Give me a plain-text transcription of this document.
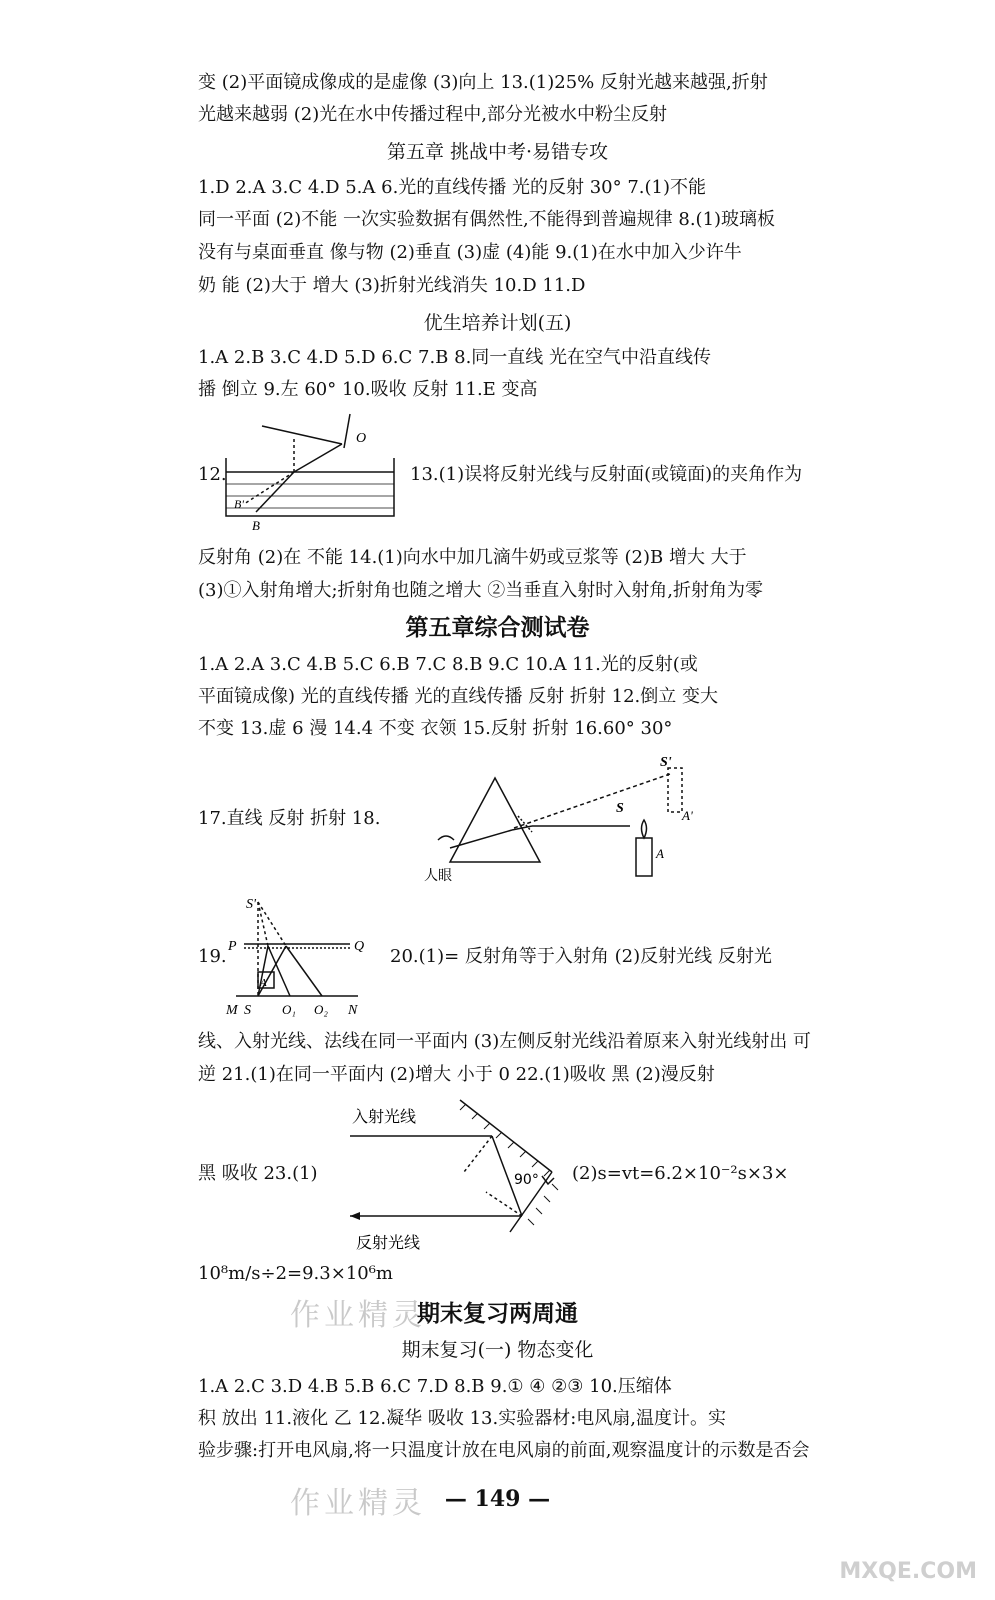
变 (2)平面镜成像成的是虚像 (3)向上 13.(1)25% 反射光越来越强,折射
光越来越弱 (2)光在水中传播过程中,部分光被水中粉尘反射
第五章 挑战中考·易错专攻
1.D 2.A 3.C 4.D 5.A 6.光的直线传播 光的反射 30° 7.(1)不能
同一平面 (2)不能 一次实验数据有偶然性,不能得到普遍规律 8.(1)玻璃板
没有与桌面垂直 像与物 (2)垂直 (3)虚 (4)能 9.(1)在水中加入少许牛
奶 能 (2)大于 增大 (3)折射光线消失 10.D 11.D
优生培养计划(五)
1.A 2.B 3.C 4.D 5.D 6.C 7.B 8.同一直线 光在空气中沿直线传
播 倒立 9.左 60° 10.吸收 反射 11.E 变高
12.	13.(1)误将反射光线与反射面(或镜面)的夹角作为
O
B
B'
反射角 (2)在 不能 14.(1)向水中加几滴牛奶或豆浆等 (2)B 增大 大于
(3)①入射角增大;折射角也随之增大 ②当垂直入射时入射角,折射角为零
第五章综合测试卷
1.A 2.A 3.C 4.B 5.C 6.B 7.C 8.B 9.C 10.A 11.光的反射(或
平面镜成像) 光的直线传播 光的直线传播 反射 折射 12.倒立 变大
不变 13.虚 6 漫 14.4 不变 衣领 15.反射 折射 16.60° 30°
17.直线 反射 折射 18.	S
S'
A
A'
人眼
19.	20.(1)= 反射角等于入射角 (2)反射光线 反射光
S'
P	Q
A
M S O₁ O₂ N
线、入射光线、法线在同一平面内 (3)左侧反射光线沿着原来入射光线射出 可
逆 21.(1)在同一平面内 (2)增大 小于 0 22.(1)吸收 黑 (2)漫反射
黑 吸收 23.(1)	(2)s=vt=6.2×10⁻²s×3×
入射光线
反射光线
90°
10⁸m/s÷2=9.3×10⁶m
作业精灵
期末复习两周通
期末复习(一) 物态变化
1.A 2.C 3.D 4.B 5.B 6.C 7.D 8.B 9.① ④ ②③ 10.压缩体
积 放出 11.液化 乙 12.凝华 吸收 13.实验器材:电风扇,温度计。实
验步骤:打开电风扇,将一只温度计放在电风扇的前面,观察温度计的示数是否会
作业精灵 — 149 —
MXQE.COM
